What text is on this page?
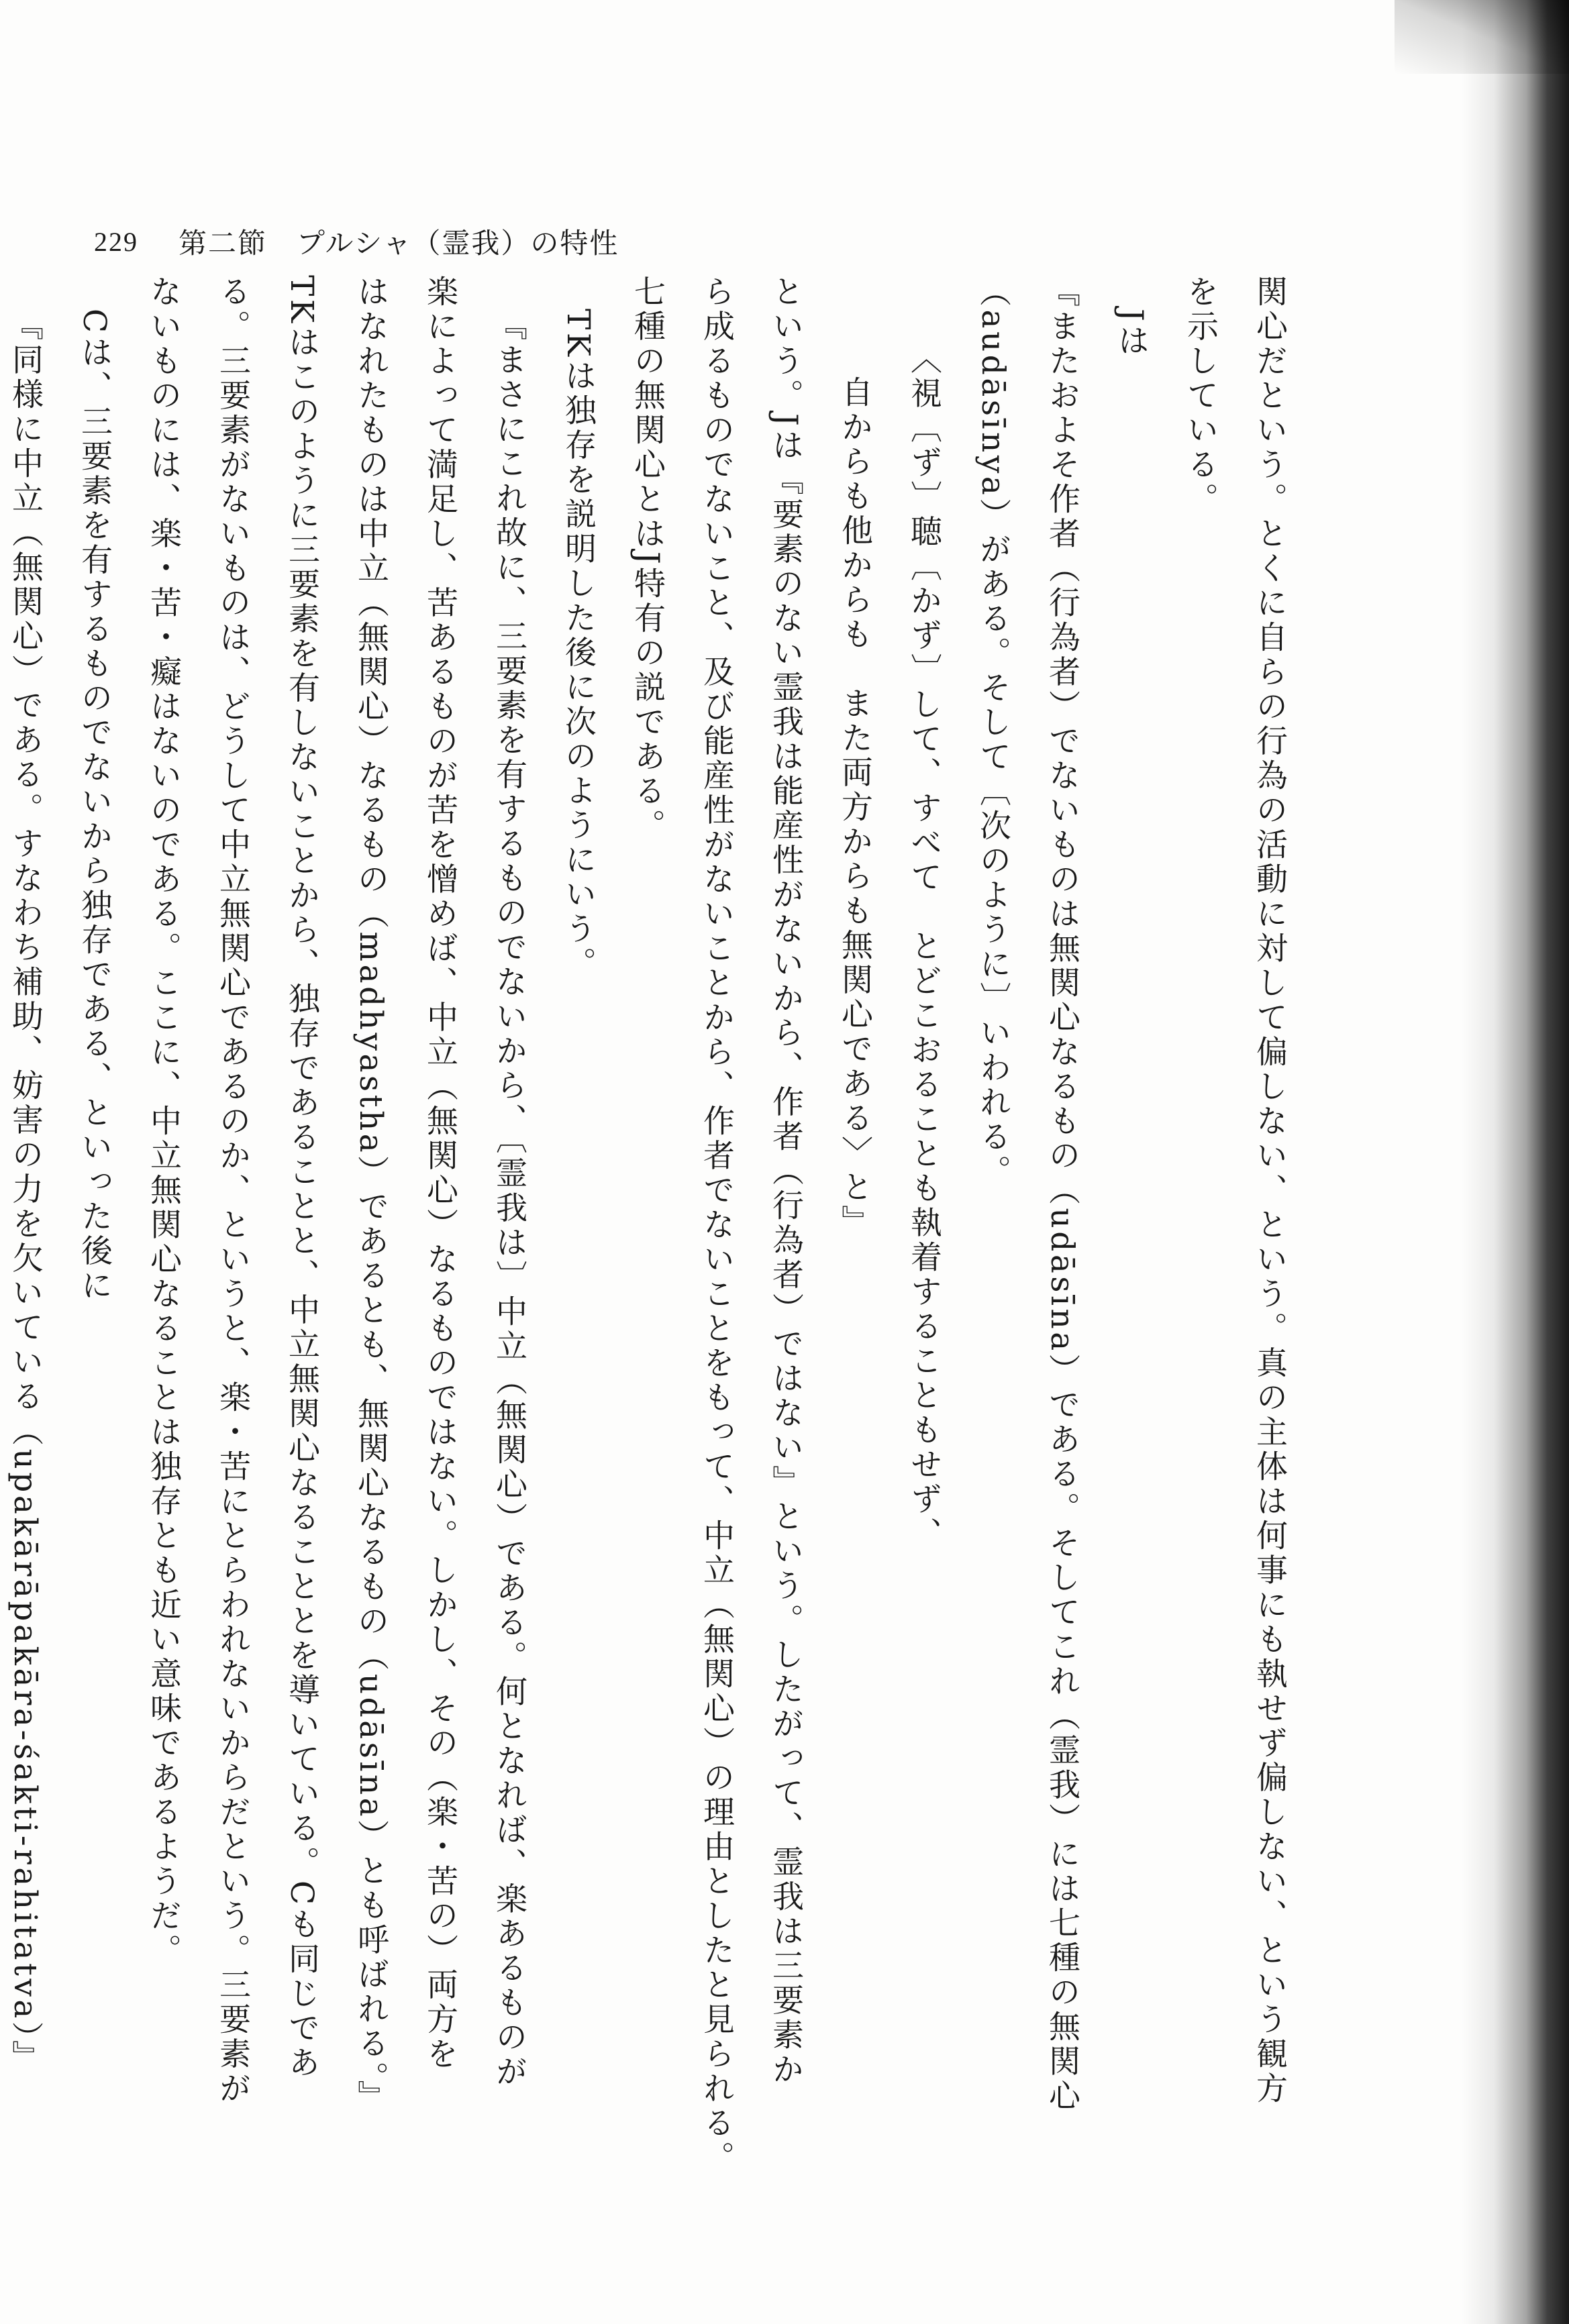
229 第二節　プルシャ（霊我）の特性
関心だという。とくに自らの行為の活動に対して偏しない、という。真の主体は何事にも執せず偏しない、という観方
を示している。
Jは
『またおよそ作者（行為者）でないものは無関心なるもの（udāsīna）である。そしてこれ（霊我）には七種の無関心
（audāsīnya）がある。そして〔次のように〕いわれる。
〈視〔ず〕聴〔かず〕して、すべて　とどこおることも執着することもせず、
自からも他からも　また両方からも無関心である〉と』
という。Jは『要素のない霊我は能産性がないから、作者（行為者）ではない』という。したがって、霊我は三要素か
ら成るものでないこと、及び能産性がないことから、作者でないことをもって、中立（無関心）の理由としたと見られる。
七種の無関心とはJ特有の説である。
TKは独存を説明した後に次のようにいう。
『まさにこれ故に、三要素を有するものでないから、〔霊我は〕中立（無関心）である。何となれば、楽あるものが
楽によって満足し、苦あるものが苦を憎めば、中立（無関心）なるものではない。しかし、その（楽・苦の）両方を
はなれたものは中立（無関心）なるもの（madhyastha）であるとも、無関心なるもの（udāsīna）とも呼ばれる。』
TKはこのように三要素を有しないことから、独存であることと、中立無関心なることとを導いている。Cも同じであ
る。三要素がないものは、どうして中立無関心であるのか、というと、楽・苦にとらわれないからだという。三要素が
ないものには、楽・苦・癡はないのである。ここに、中立無関心なることは独存とも近い意味であるようだ。
Cは、三要素を有するものでないから独存である、といった後に
『同様に中立（無関心）である。すなわち補助、妨害の力を欠いている（upakārāpakāra-śakti-rahitatva）』
